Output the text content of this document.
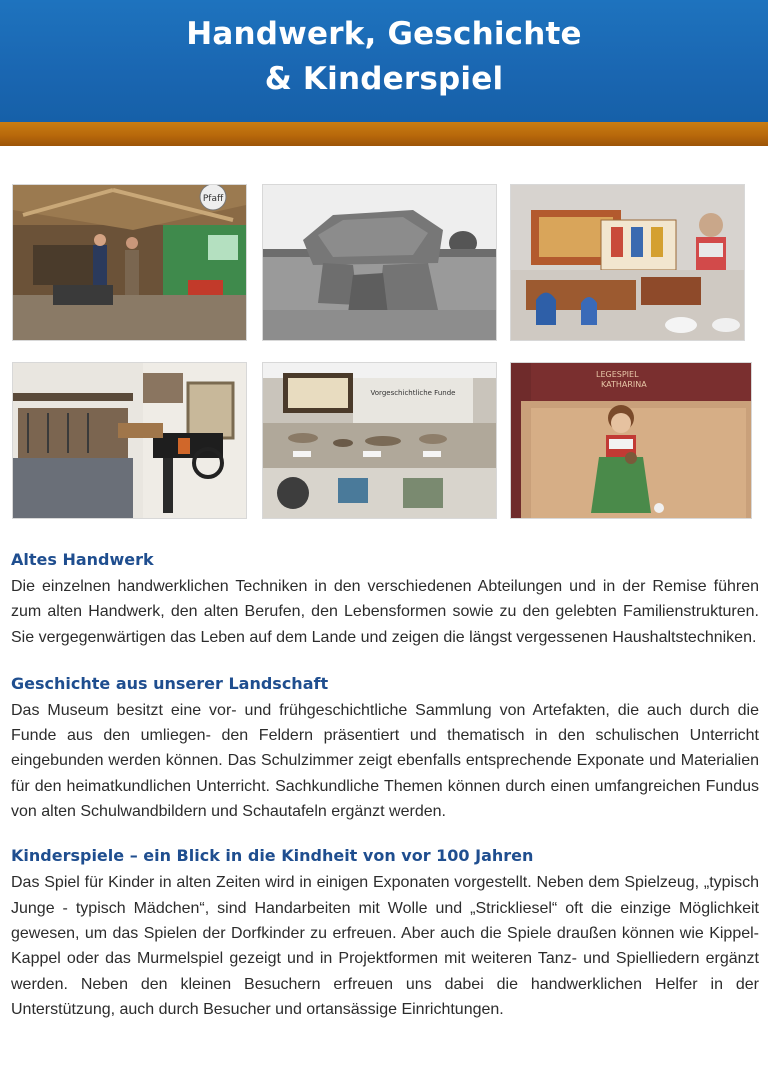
Handwerk, Geschichte
& Kinderspiel
Pfaff
Vorgeschichtliche Funde
LEGESPIEL
KATHARINA
Altes Handwerk

Die einzelnen handwerklichen Techniken in den verschiedenen Abteilungen und in der Remise führen zum alten Handwerk, den alten Berufen, den Lebensformen sowie zu den gelebten Familienstrukturen. Sie vergegenwärtigen das Leben auf dem Lande und zeigen die längst vergessenen Haushaltstechniken.

Geschichte aus unserer Landschaft

Das Museum besitzt eine vor- und frühgeschichtliche Sammlung von Artefakten, die auch durch die Funde aus den umliegen- den Feldern präsentiert und thematisch in den schulischen Unterricht eingebunden werden können. Das Schulzimmer zeigt ebenfalls entsprechende Exponate und Materialien für den heimatkundlichen Unterricht. Sachkundliche Themen können durch einen umfangreichen Fundus von alten Schulwandbildern und Schautafeln ergänzt werden.

Kinderspiele – ein Blick in die Kindheit von vor 100 Jahren

Das Spiel für Kinder in alten Zeiten wird in einigen Exponaten vorgestellt. Neben dem Spielzeug, „typisch Junge - typisch Mädchen“, sind Handarbeiten mit Wolle und „Strickliesel“ oft die einzige Möglichkeit gewesen, um das Spielen der Dorfkinder zu erfreuen. Aber auch die Spiele draußen können wie Kippel-Kappel oder das Murmelspiel gezeigt und in Projektformen mit weiteren Tanz- und Spielliedern ergänzt werden. Neben den kleinen Besuchern erfreuen uns dabei die handwerklichen Helfer in der Unterstützung, auch durch Besucher und ortansässige Einrichtungen.
